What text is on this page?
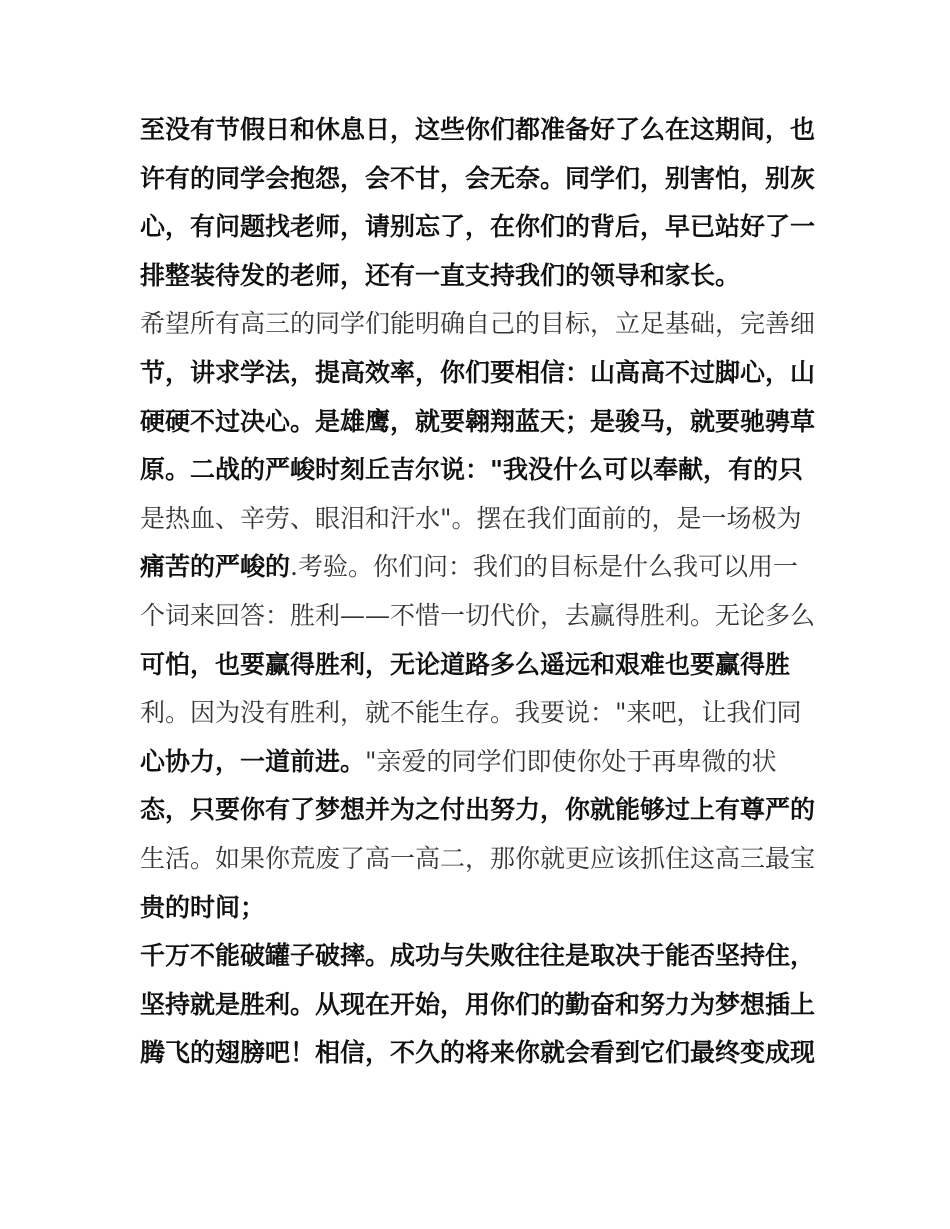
至没有节假日和休息日，这些你们都准备好了么在这期间，也
许有的同学会抱怨，会不甘，会无奈。同学们，别害怕，别灰
心，有问题找老师，请别忘了，在你们的背后，早已站好了一
排整装待发的老师，还有一直支持我们的领导和家长。
希望所有高三的同学们能明确自己的目标，立足基础，完善细
节，讲求学法，提高效率，你们要相信：山高高不过脚心，山
硬硬不过决心。是雄鹰，就要翱翔蓝天；是骏马，就要驰骋草
原。二战的严峻时刻丘吉尔说："我没什么可以奉献，有的只
是热血、辛劳、眼泪和汗水"。摆在我们面前的，是一场极为
痛苦的严峻的.考验。你们问：我们的目标是什么我可以用一
个词来回答：胜利——不惜一切代价，去赢得胜利。无论多么
可怕，也要赢得胜利，无论道路多么遥远和艰难也要赢得胜
利。因为没有胜利，就不能生存。我要说："来吧，让我们同
心协力，一道前进。"亲爱的同学们即使你处于再卑微的状
态，只要你有了梦想并为之付出努力，你就能够过上有尊严的
生活。如果你荒废了高一高二，那你就更应该抓住这高三最宝
贵的时间；
千万不能破罐子破摔。成功与失败往往是取决于能否坚持住，
坚持就是胜利。从现在开始，用你们的勤奋和努力为梦想插上
腾飞的翅膀吧！相信，不久的将来你就会看到它们最终变成现
